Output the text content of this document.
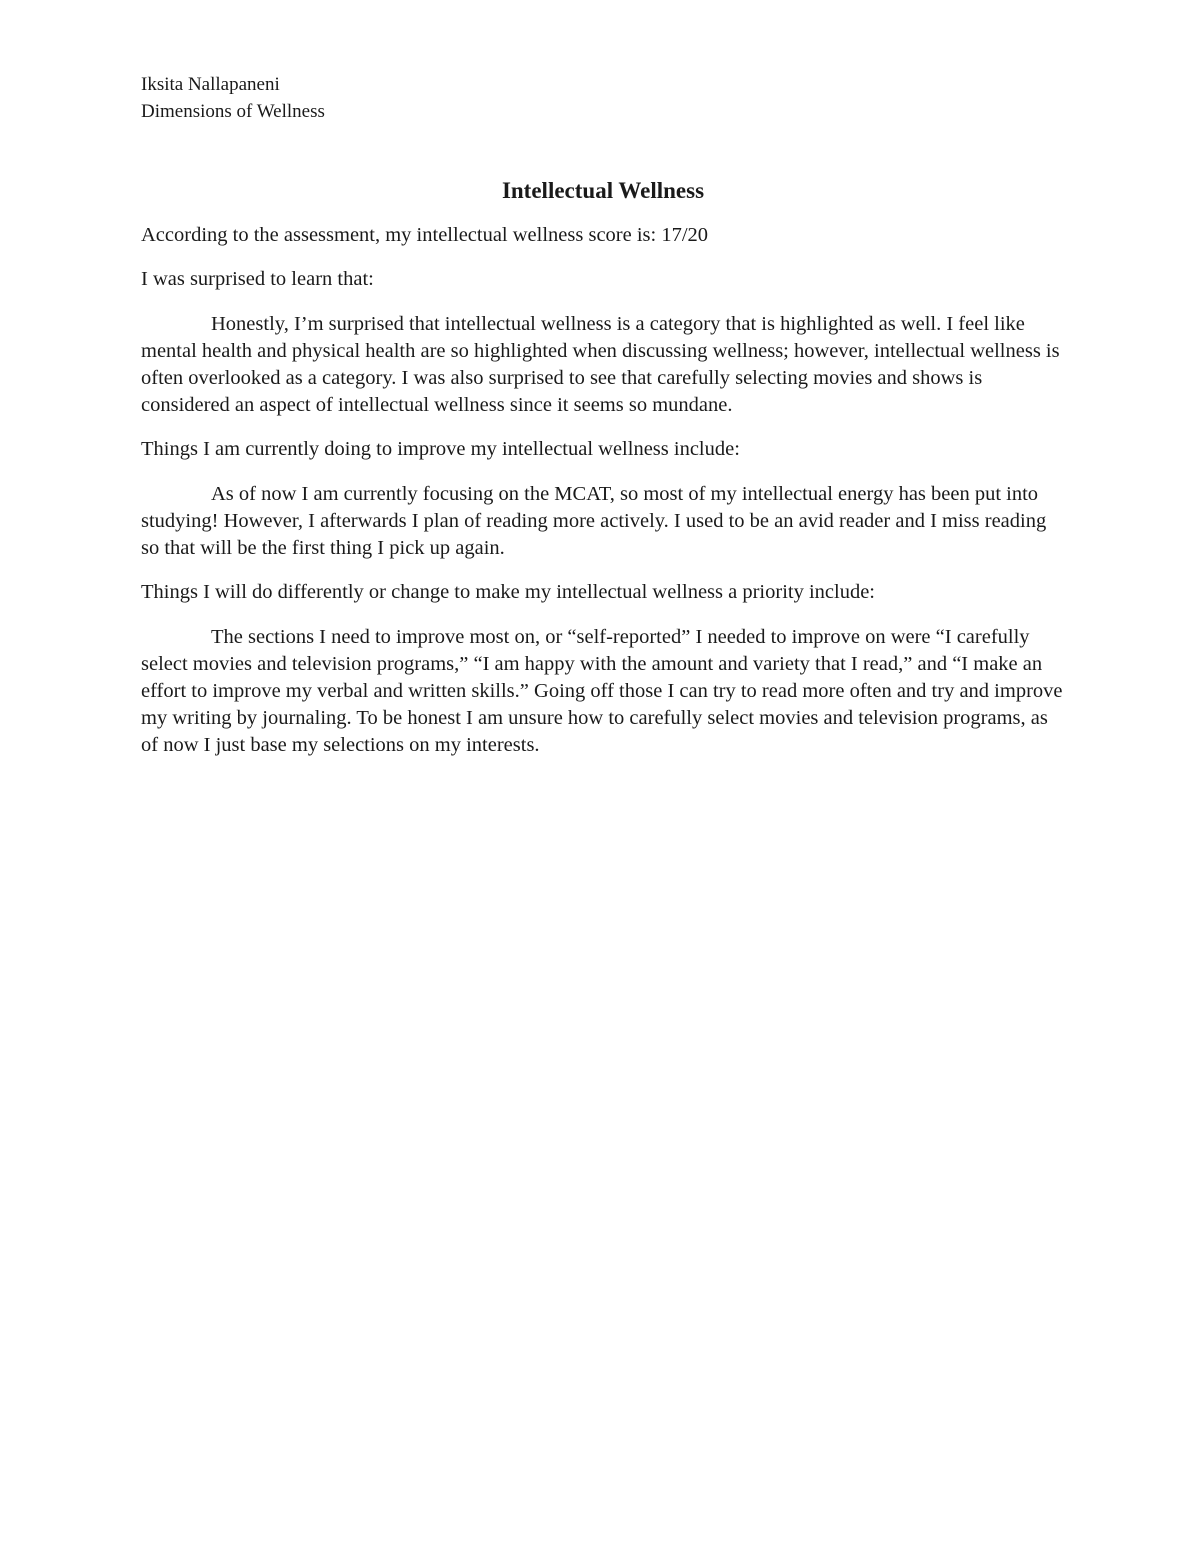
Iksita Nallapaneni

Dimensions of Wellness

Intellectual Wellness

According to the assessment, my intellectual wellness score is: 17/20

I was surprised to learn that:

Honestly, I’m surprised that intellectual wellness is a category that is highlighted as well. I feel like mental health and physical health are so highlighted when discussing wellness; however, intellectual wellness is often overlooked as a category. I was also surprised to see that carefully selecting movies and shows is considered an aspect of intellectual wellness since it seems so mundane.

Things I am currently doing to improve my intellectual wellness include:

As of now I am currently focusing on the MCAT, so most of my intellectual energy has been put into studying! However, I afterwards I plan of reading more actively. I used to be an avid reader and I miss reading so that will be the first thing I pick up again.

Things I will do differently or change to make my intellectual wellness a priority include:

The sections I need to improve most on, or “self-reported” I needed to improve on were “I carefully select movies and television programs,” “I am happy with the amount and variety that I read,” and “I make an effort to improve my verbal and written skills.” Going off those I can try to read more often and try and improve my writing by journaling. To be honest I am unsure how to carefully select movies and television programs, as of now I just base my selections on my interests.
